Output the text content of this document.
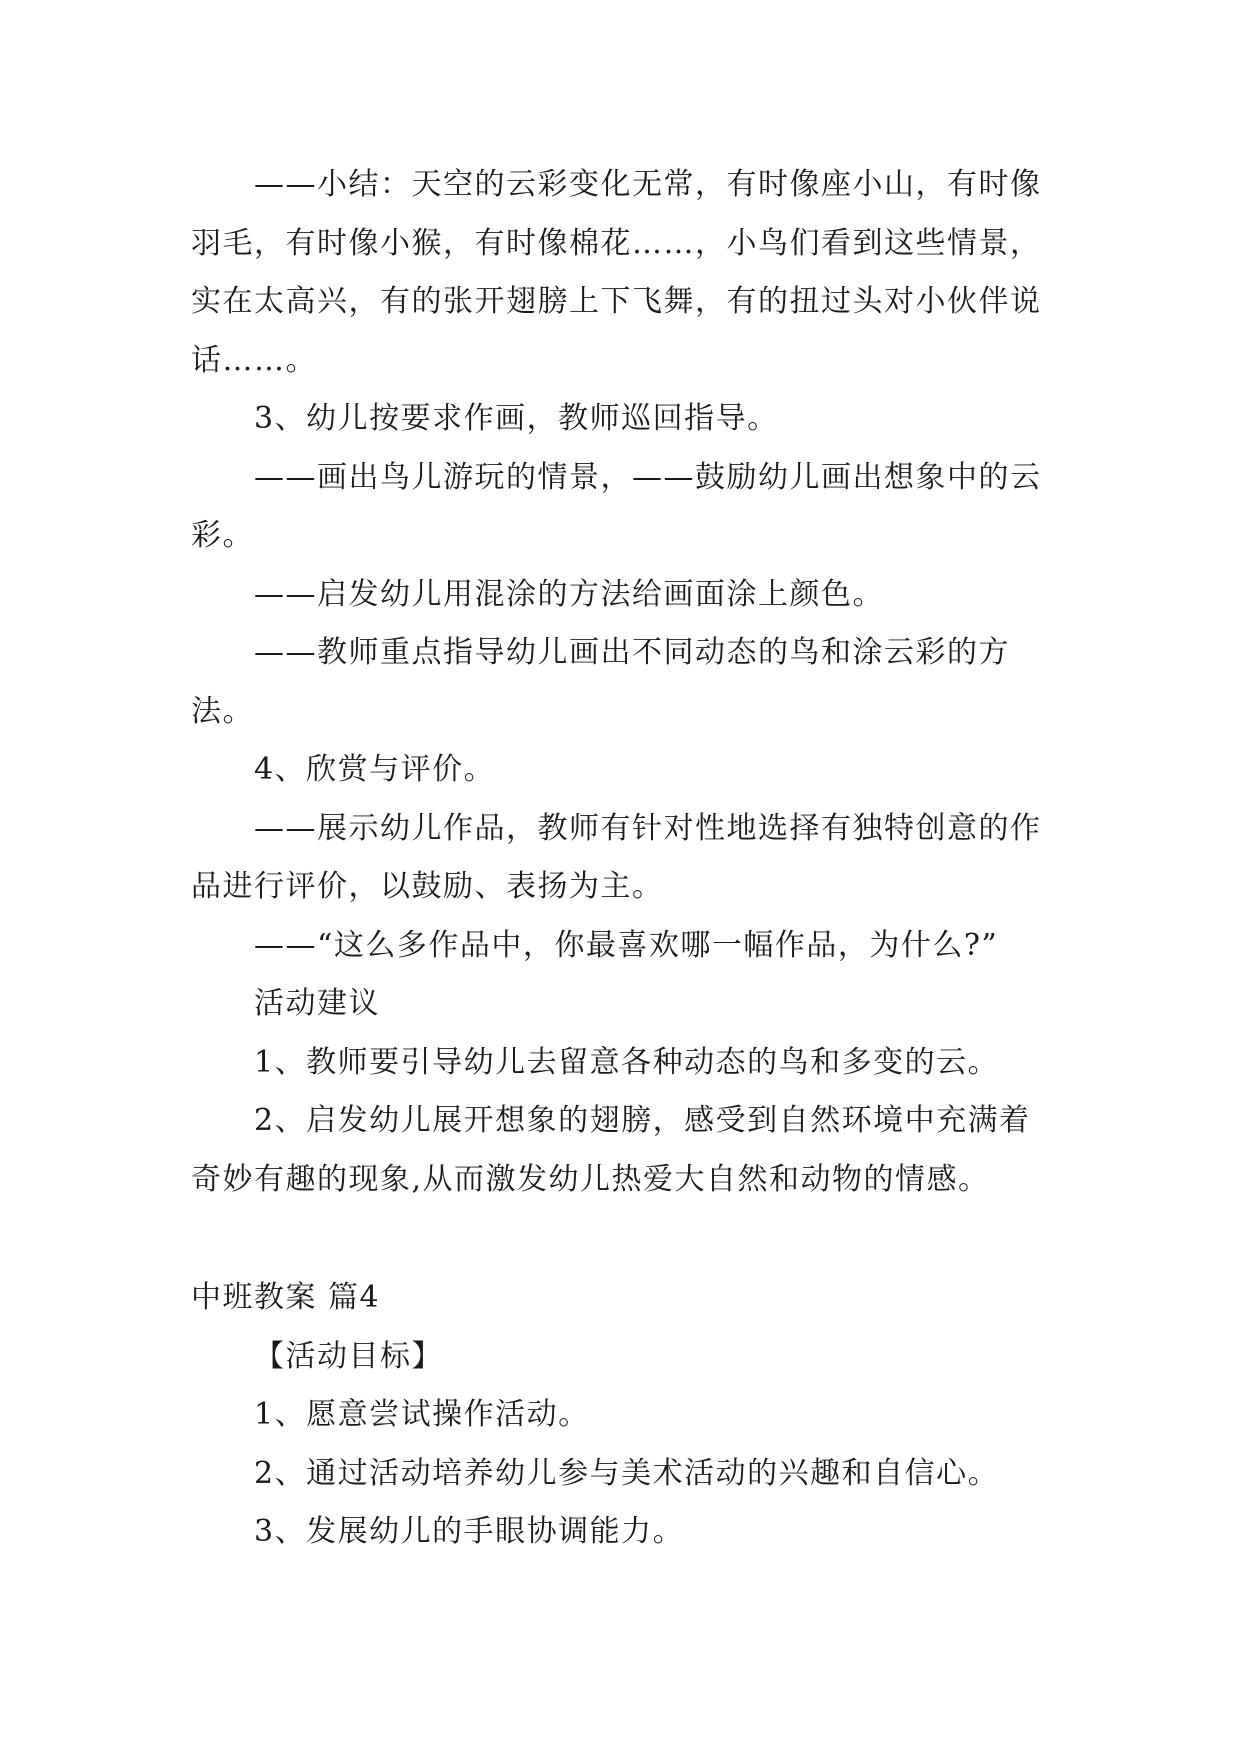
——小结：天空的云彩变化无常，有时像座小山，有时像羽毛，有时像小猴，有时像棉花……，小鸟们看到这些情景，实在太高兴，有的张开翅膀上下飞舞，有的扭过头对小伙伴说话……。

3、幼儿按要求作画，教师巡回指导。

——画出鸟儿游玩的情景，——鼓励幼儿画出想象中的云彩。

——启发幼儿用混涂的方法给画面涂上颜色。

——教师重点指导幼儿画出不同动态的鸟和涂云彩的方法。

4、欣赏与评价。

——展示幼儿作品，教师有针对性地选择有独特创意的作品进行评价，以鼓励、表扬为主。

——“这么多作品中，你最喜欢哪一幅作品，为什么?”

活动建议

1、教师要引导幼儿去留意各种动态的鸟和多变的云。

2、启发幼儿展开想象的翅膀，感受到自然环境中充满着奇妙有趣的现象,从而激发幼儿热爱大自然和动物的情感。

中班教案 篇4

【活动目标】

1、愿意尝试操作活动。

2、通过活动培养幼儿参与美术活动的兴趣和自信心。

3、发展幼儿的手眼协调能力。
